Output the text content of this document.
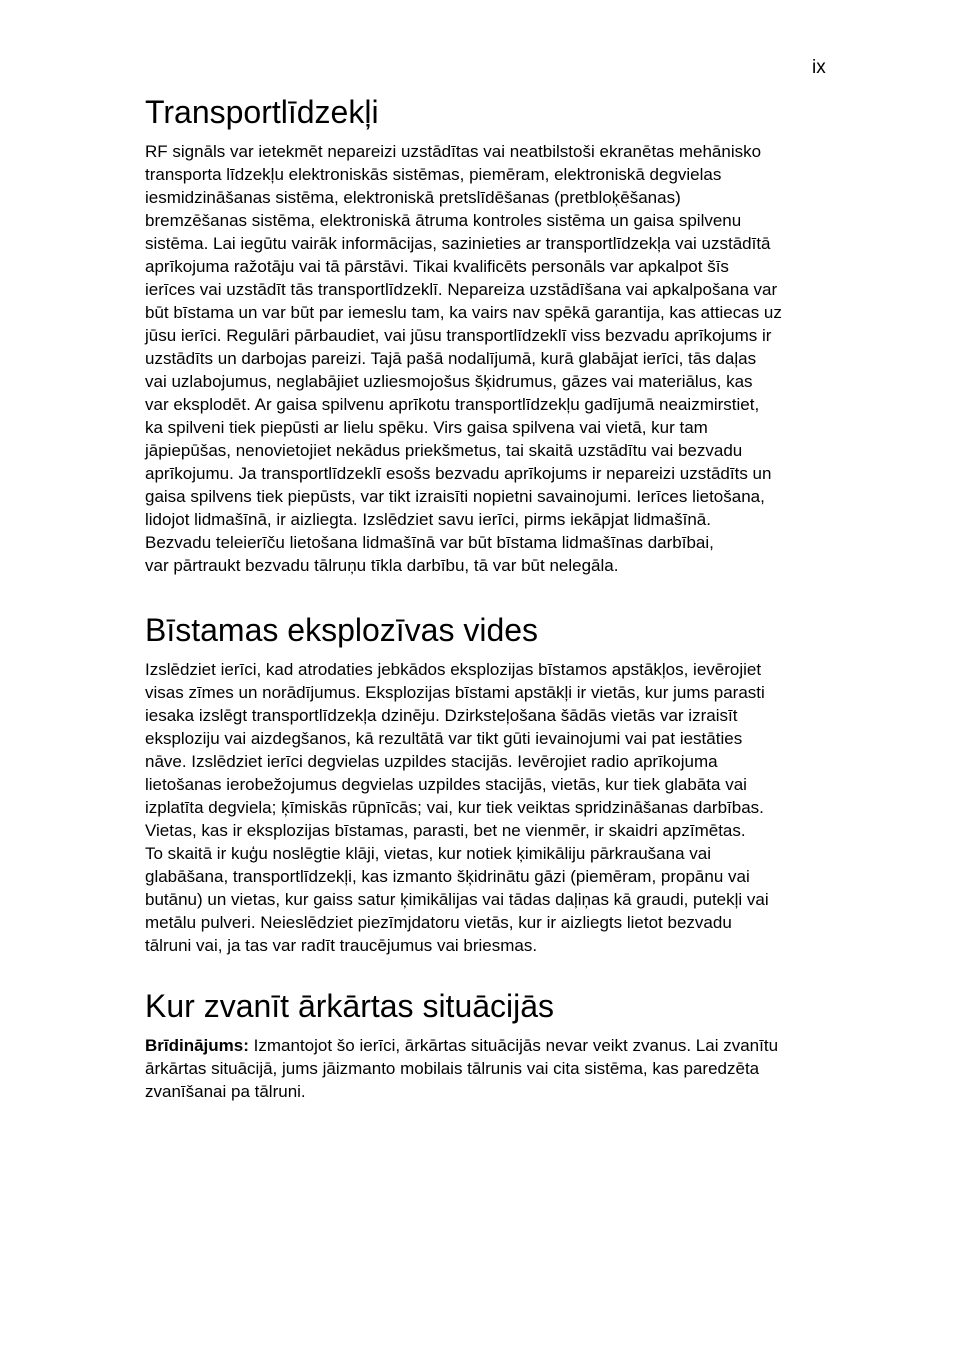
ix
Transportlīdzekļi

RF signāls var ietekmēt nepareizi uzstādītas vai neatbilstoši ekranētas mehānisko
transporta līdzekļu elektroniskās sistēmas, piemēram, elektroniskā degvielas
iesmidzināšanas sistēma, elektroniskā pretslīdēšanas (pretbloķēšanas)
bremzēšanas sistēma, elektroniskā ātruma kontroles sistēma un gaisa spilvenu
sistēma. Lai iegūtu vairāk informācijas, sazinieties ar transportlīdzekļa vai uzstādītā
aprīkojuma ražotāju vai tā pārstāvi. Tikai kvalificēts personāls var apkalpot šīs
ierīces vai uzstādīt tās transportlīdzeklī. Nepareiza uzstādīšana vai apkalpošana var
būt bīstama un var būt par iemeslu tam, ka vairs nav spēkā garantija, kas attiecas uz
jūsu ierīci. Regulāri pārbaudiet, vai jūsu transportlīdzeklī viss bezvadu aprīkojums ir
uzstādīts un darbojas pareizi. Tajā pašā nodalījumā, kurā glabājat ierīci, tās daļas
vai uzlabojumus, neglabājiet uzliesmojošus šķidrumus, gāzes vai materiālus, kas
var eksplodēt. Ar gaisa spilvenu aprīkotu transportlīdzekļu gadījumā neaizmirstiet,
ka spilveni tiek piepūsti ar lielu spēku. Virs gaisa spilvena vai vietā, kur tam
jāpiepūšas, nenovietojiet nekādus priekšmetus, tai skaitā uzstādītu vai bezvadu
aprīkojumu. Ja transportlīdzeklī esošs bezvadu aprīkojums ir nepareizi uzstādīts un
gaisa spilvens tiek piepūsts, var tikt izraisīti nopietni savainojumi. Ierīces lietošana,
lidojot lidmašīnā, ir aizliegta. Izslēdziet savu ierīci, pirms iekāpjat lidmašīnā.
Bezvadu teleierīču lietošana lidmašīnā var būt bīstama lidmašīnas darbībai,
var pārtraukt bezvadu tālruņu tīkla darbību, tā var būt nelegāla.

Bīstamas eksplozīvas vides

Izslēdziet ierīci, kad atrodaties jebkādos eksplozijas bīstamos apstākļos, ievērojiet
visas zīmes un norādījumus. Eksplozijas bīstami apstākļi ir vietās, kur jums parasti
iesaka izslēgt transportlīdzekļa dzinēju. Dzirksteļošana šādās vietās var izraisīt
eksploziju vai aizdegšanos, kā rezultātā var tikt gūti ievainojumi vai pat iestāties
nāve. Izslēdziet ierīci degvielas uzpildes stacijās. Ievērojiet radio aprīkojuma
lietošanas ierobežojumus degvielas uzpildes stacijās, vietās, kur tiek glabāta vai
izplatīta degviela; ķīmiskās rūpnīcās; vai, kur tiek veiktas spridzināšanas darbības.
Vietas, kas ir eksplozijas bīstamas, parasti, bet ne vienmēr, ir skaidri apzīmētas.
To skaitā ir kuģu noslēgtie klāji, vietas, kur notiek ķimikāliju pārkraušana vai
glabāšana, transportlīdzekļi, kas izmanto šķidrinātu gāzi (piemēram, propānu vai
butānu) un vietas, kur gaiss satur ķimikālijas vai tādas daļiņas kā graudi, putekļi vai
metālu pulveri. Neieslēdziet piezīmjdatoru vietās, kur ir aizliegts lietot bezvadu
tālruni vai, ja tas var radīt traucējumus vai briesmas.

Kur zvanīt ārkārtas situācijās

Brīdinājums: Izmantojot šo ierīci, ārkārtas situācijās nevar veikt zvanus. Lai zvanītu
ārkārtas situācijā, jums jāizmanto mobilais tālrunis vai cita sistēma, kas paredzēta
zvanīšanai pa tālruni.
